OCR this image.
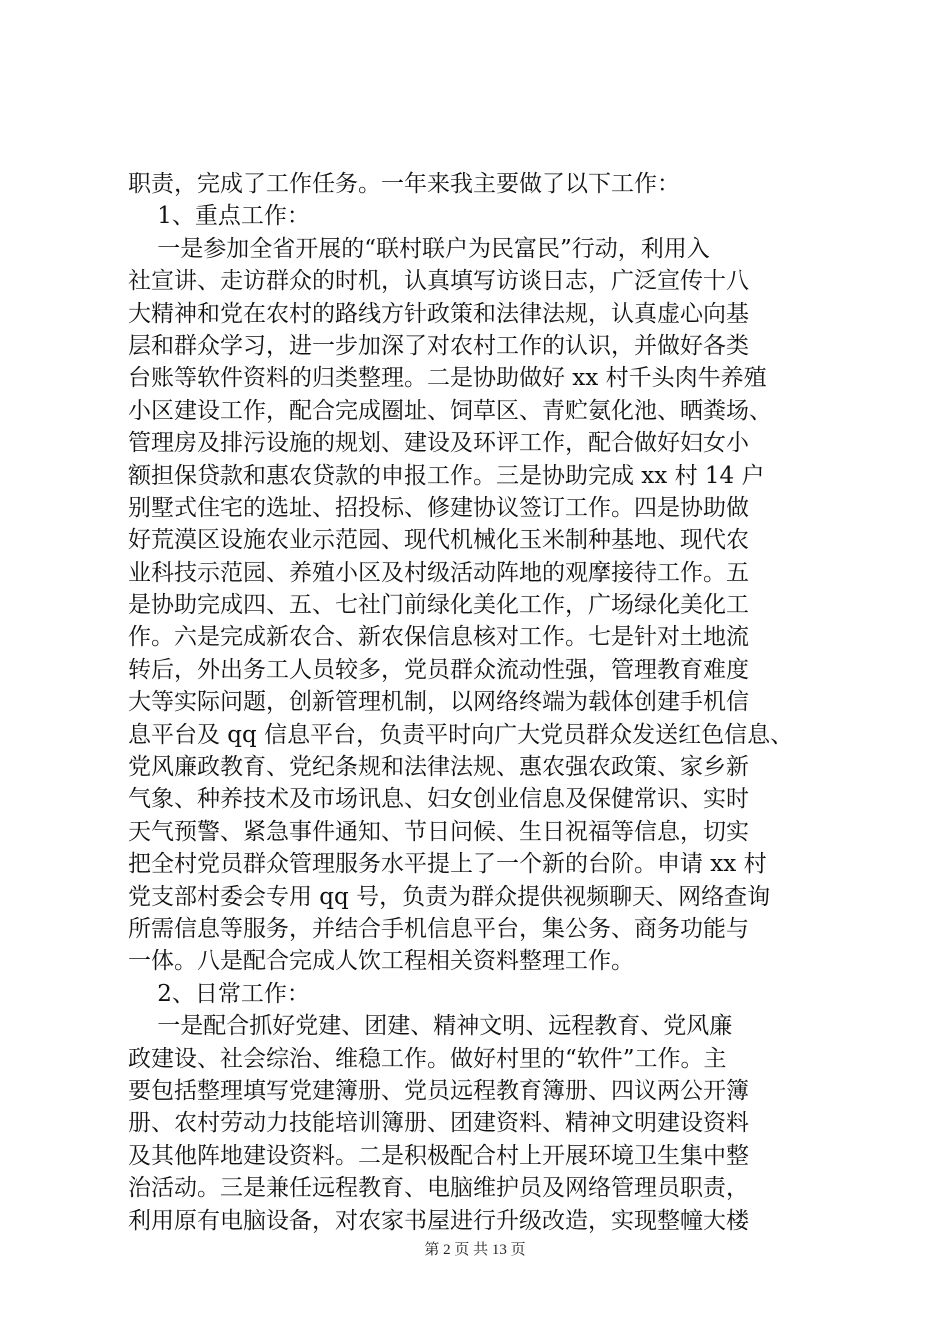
职责，完成了工作任务。一年来我主要做了以下工作：
1、重点工作：
一是参加全省开展的“联村联户为民富民”行动，利用入
社宣讲、走访群众的时机，认真填写访谈日志，广泛宣传十八
大精神和党在农村的路线方针政策和法律法规，认真虚心向基
层和群众学习，进一步加深了对农村工作的认识，并做好各类
台账等软件资料的归类整理。二是协助做好 xx 村千头肉牛养殖
小区建设工作，配合完成圈址、饲草区、青贮氨化池、晒粪场、
管理房及排污设施的规划、建设及环评工作，配合做好妇女小
额担保贷款和惠农贷款的申报工作。三是协助完成 xx 村 14 户
别墅式住宅的选址、招投标、修建协议签订工作。四是协助做
好荒漠区设施农业示范园、现代机械化玉米制种基地、现代农
业科技示范园、养殖小区及村级活动阵地的观摩接待工作。五
是协助完成四、五、七社门前绿化美化工作，广场绿化美化工
作。六是完成新农合、新农保信息核对工作。七是针对土地流
转后，外出务工人员较多，党员群众流动性强，管理教育难度
大等实际问题，创新管理机制，以网络终端为载体创建手机信
息平台及 qq 信息平台，负责平时向广大党员群众发送红色信息、
党风廉政教育、党纪条规和法律法规、惠农强农政策、家乡新
气象、种养技术及市场讯息、妇女创业信息及保健常识、实时
天气预警、紧急事件通知、节日问候、生日祝福等信息，切实
把全村党员群众管理服务水平提上了一个新的台阶。申请 xx 村
党支部村委会专用 qq 号，负责为群众提供视频聊天、网络查询
所需信息等服务，并结合手机信息平台，集公务、商务功能与
一体。八是配合完成人饮工程相关资料整理工作。
2、日常工作：
一是配合抓好党建、团建、精神文明、远程教育、党风廉
政建设、社会综治、维稳工作。做好村里的“软件”工作。主
要包括整理填写党建簿册、党员远程教育簿册、四议两公开簿
册、农村劳动力技能培训簿册、团建资料、精神文明建设资料
及其他阵地建设资料。二是积极配合村上开展环境卫生集中整
治活动。三是兼任远程教育、电脑维护员及网络管理员职责，
利用原有电脑设备，对农家书屋进行升级改造，实现整幢大楼
第 2 页 共 13 页
